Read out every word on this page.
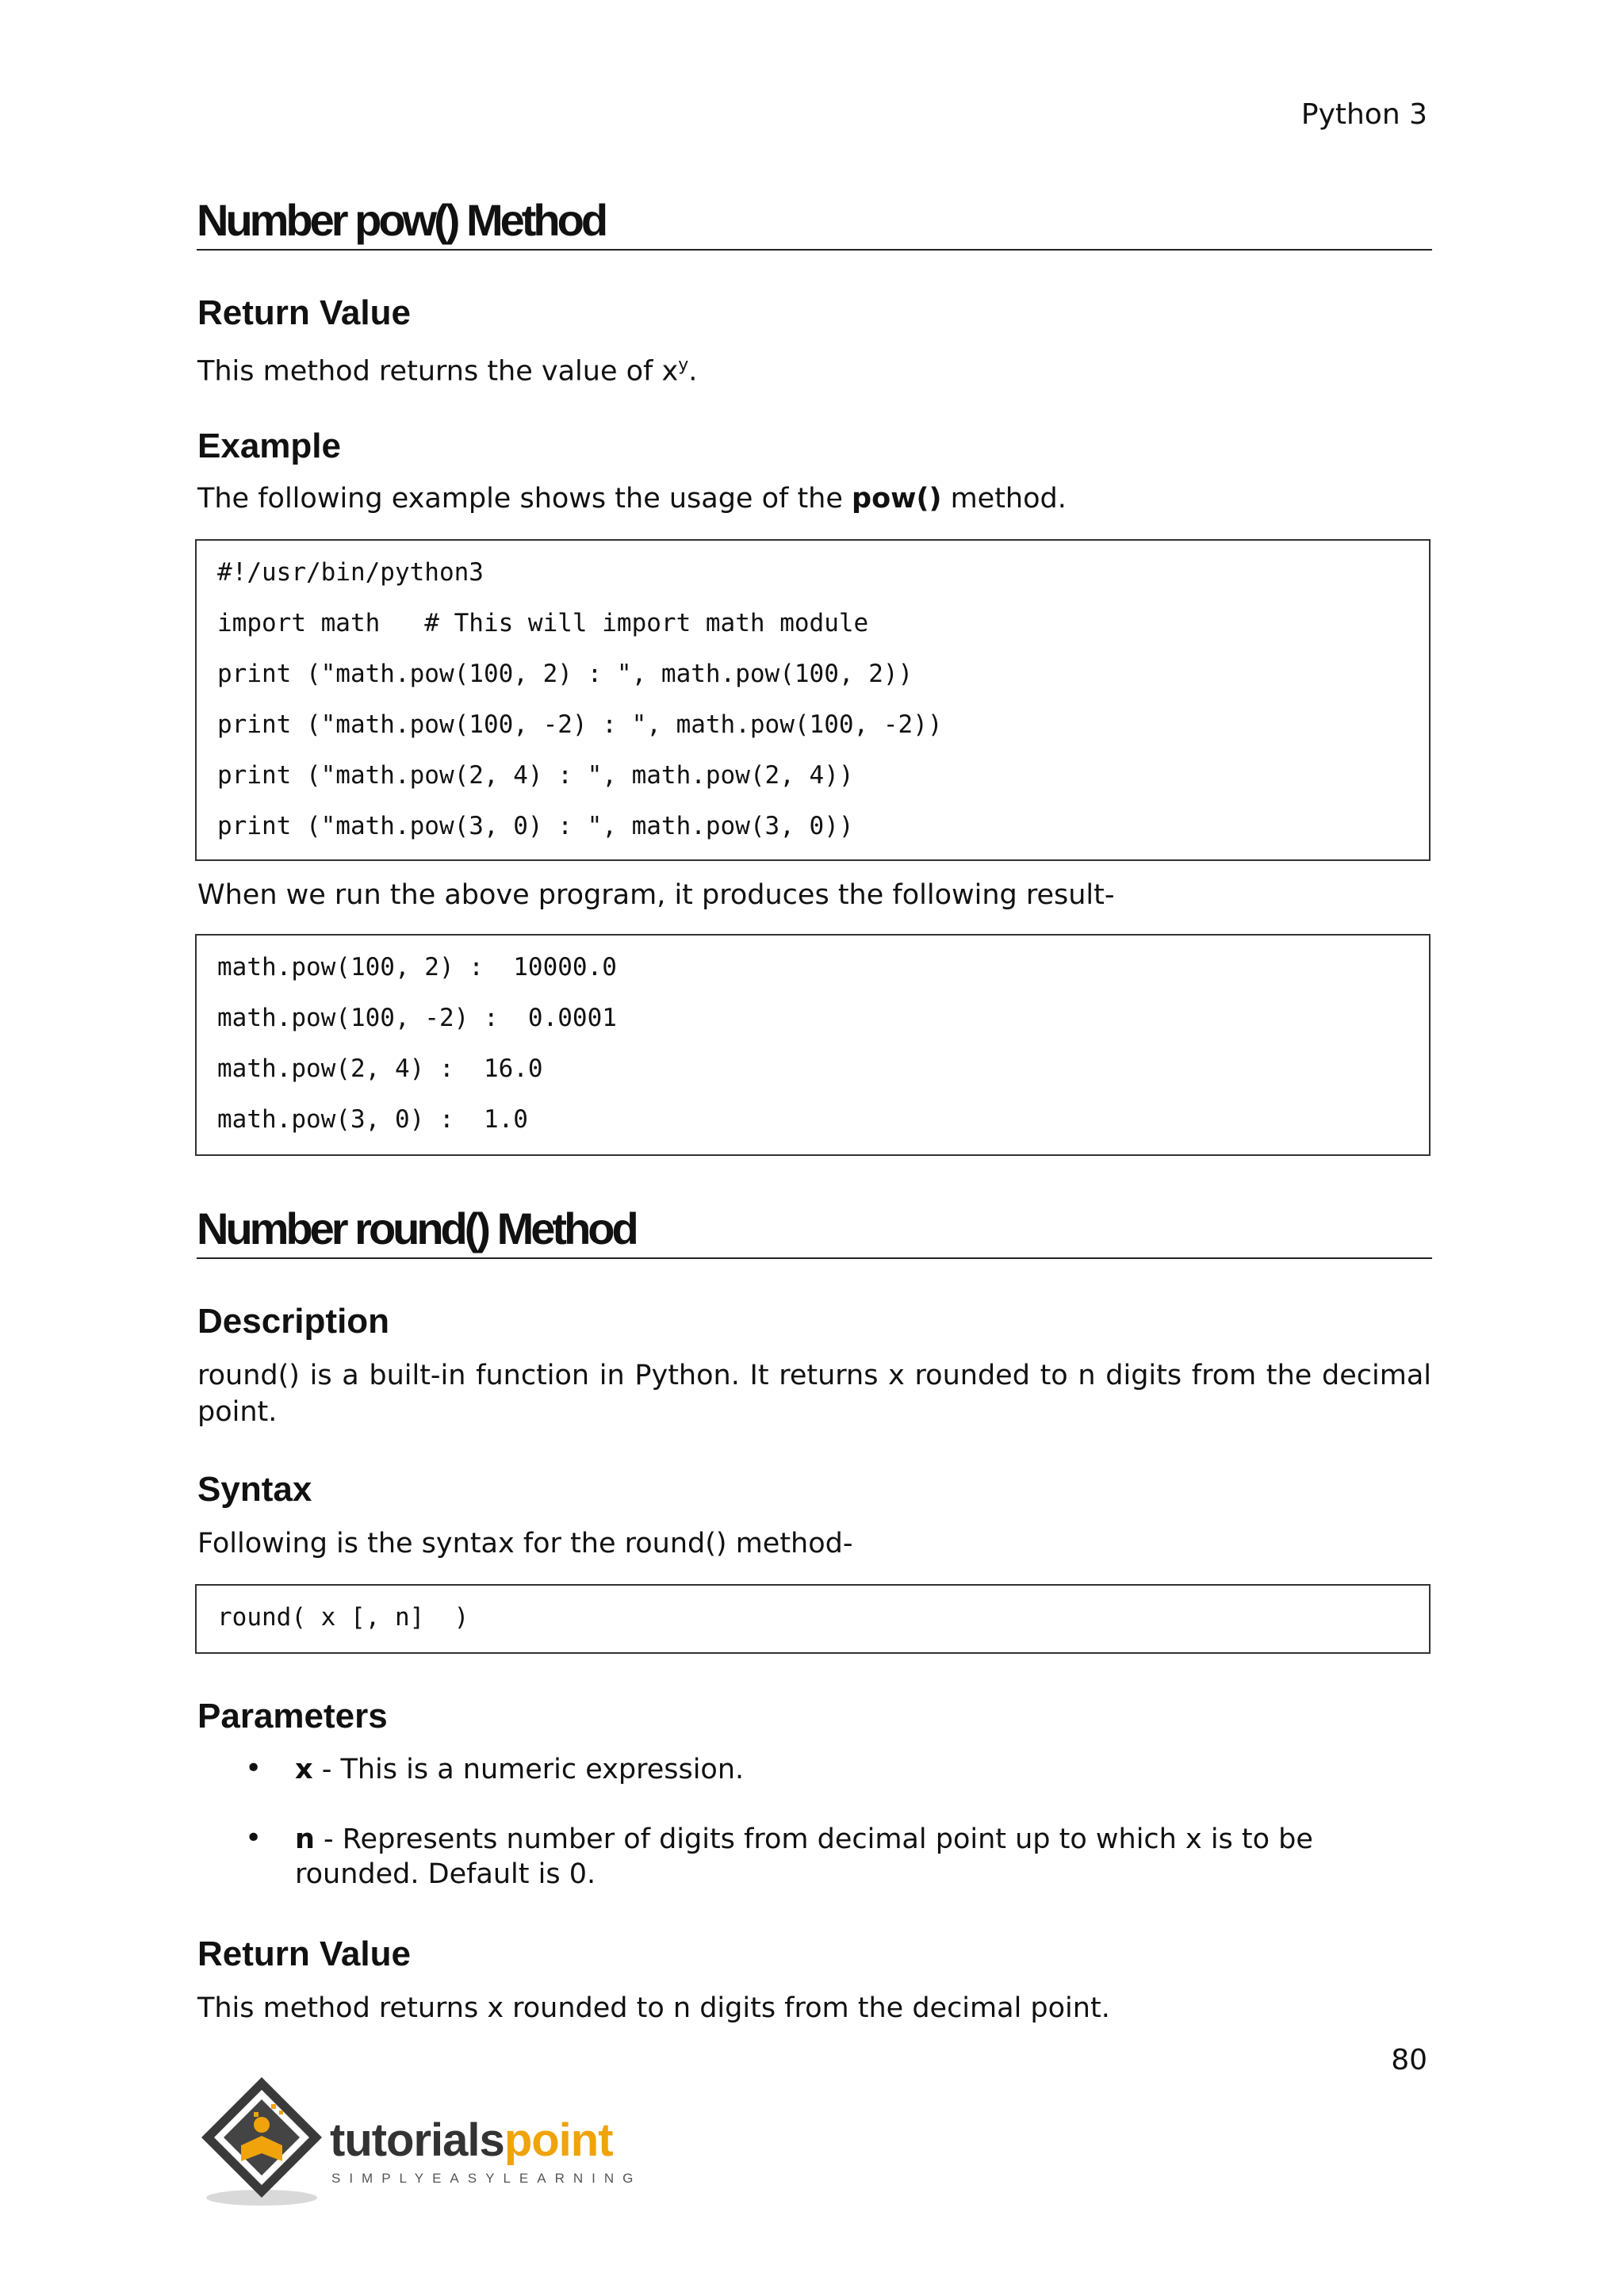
Python 3
Number pow() Method
Return Value
This method returns the value of $x^y$.
Example
The following example shows the usage of the pow() method.
#!/usr/bin/python3
import math   # This will import math module
print ("math.pow(100, 2) : ", math.pow(100, 2))
print ("math.pow(100, -2) : ", math.pow(100, -2))
print ("math.pow(2, 4) : ", math.pow(2, 4))
print ("math.pow(3, 0) : ", math.pow(3, 0))
When we run the above program, it produces the following result-
math.pow(100, 2) :  10000.0
math.pow(100, -2) :  0.0001
math.pow(2, 4) :  16.0
math.pow(3, 0) :  1.0
Number round() Method
Description
round() is a built-in function in Python. It returns x rounded to n digits from the decimal point.
Syntax
Following is the syntax for the round() method-
round( x [, n]  )
Parameters
• x - This is a numeric expression.
• n - Represents number of digits from decimal point up to which x is to be rounded. Default is 0.
Return Value
This method returns x rounded to n digits from the decimal point.
80
tutorialspoint
SIMPLYEASYLEARNING
